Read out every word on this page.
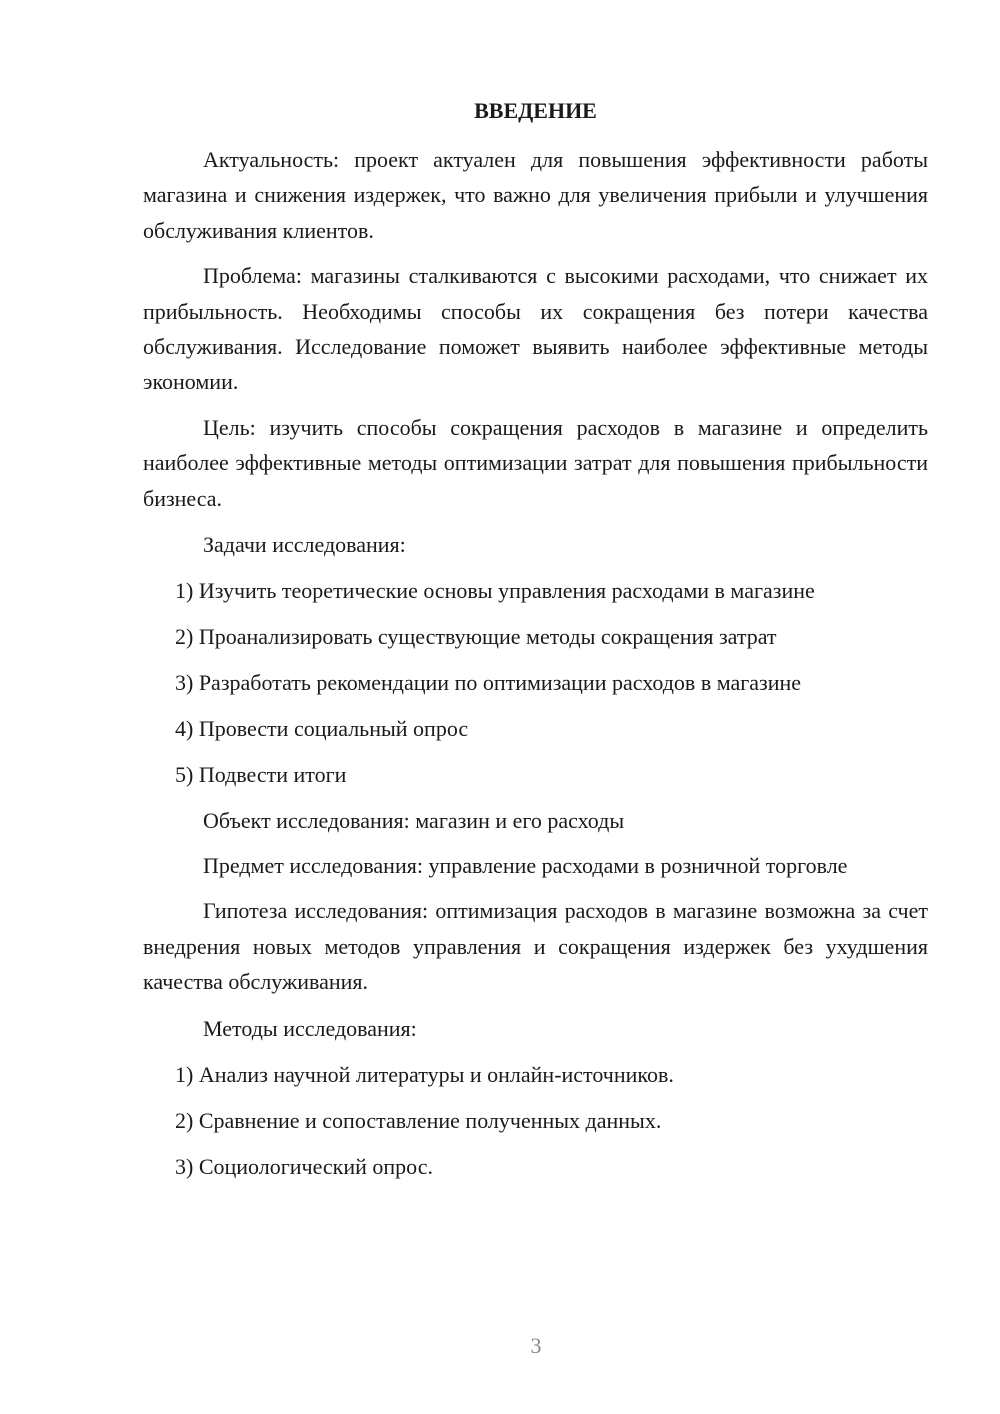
ВВЕДЕНИЕ

Актуальность: проект актуален для повышения эффективности работы магазина и снижения издержек, что важно для увеличения прибыли и улучшения обслуживания клиентов.

Проблема: магазины сталкиваются с высокими расходами, что снижает их прибыльность. Необходимы способы их сокращения без потери качества обслуживания. Исследование поможет выявить наиболее эффективные методы экономии.

Цель: изучить способы сокращения расходов в магазине и определить наиболее эффективные методы оптимизации затрат для повышения прибыльности бизнеса.

Задачи исследования:

1) Изучить теоретические основы управления расходами в магазине

2) Проанализировать существующие методы сокращения затрат

3) Разработать рекомендации по оптимизации расходов в магазине

4) Провести социальный опрос

5) Подвести итоги

Объект исследования: магазин и его расходы

Предмет исследования: управление расходами в розничной торговле

Гипотеза исследования: оптимизация расходов в магазине возможна за счет внедрения новых методов управления и сокращения издержек без ухудшения качества обслуживания.

Методы исследования:

1) Анализ научной литературы и онлайн-источников.

2) Сравнение и сопоставление полученных данных.

3) Социологический опрос.

3
